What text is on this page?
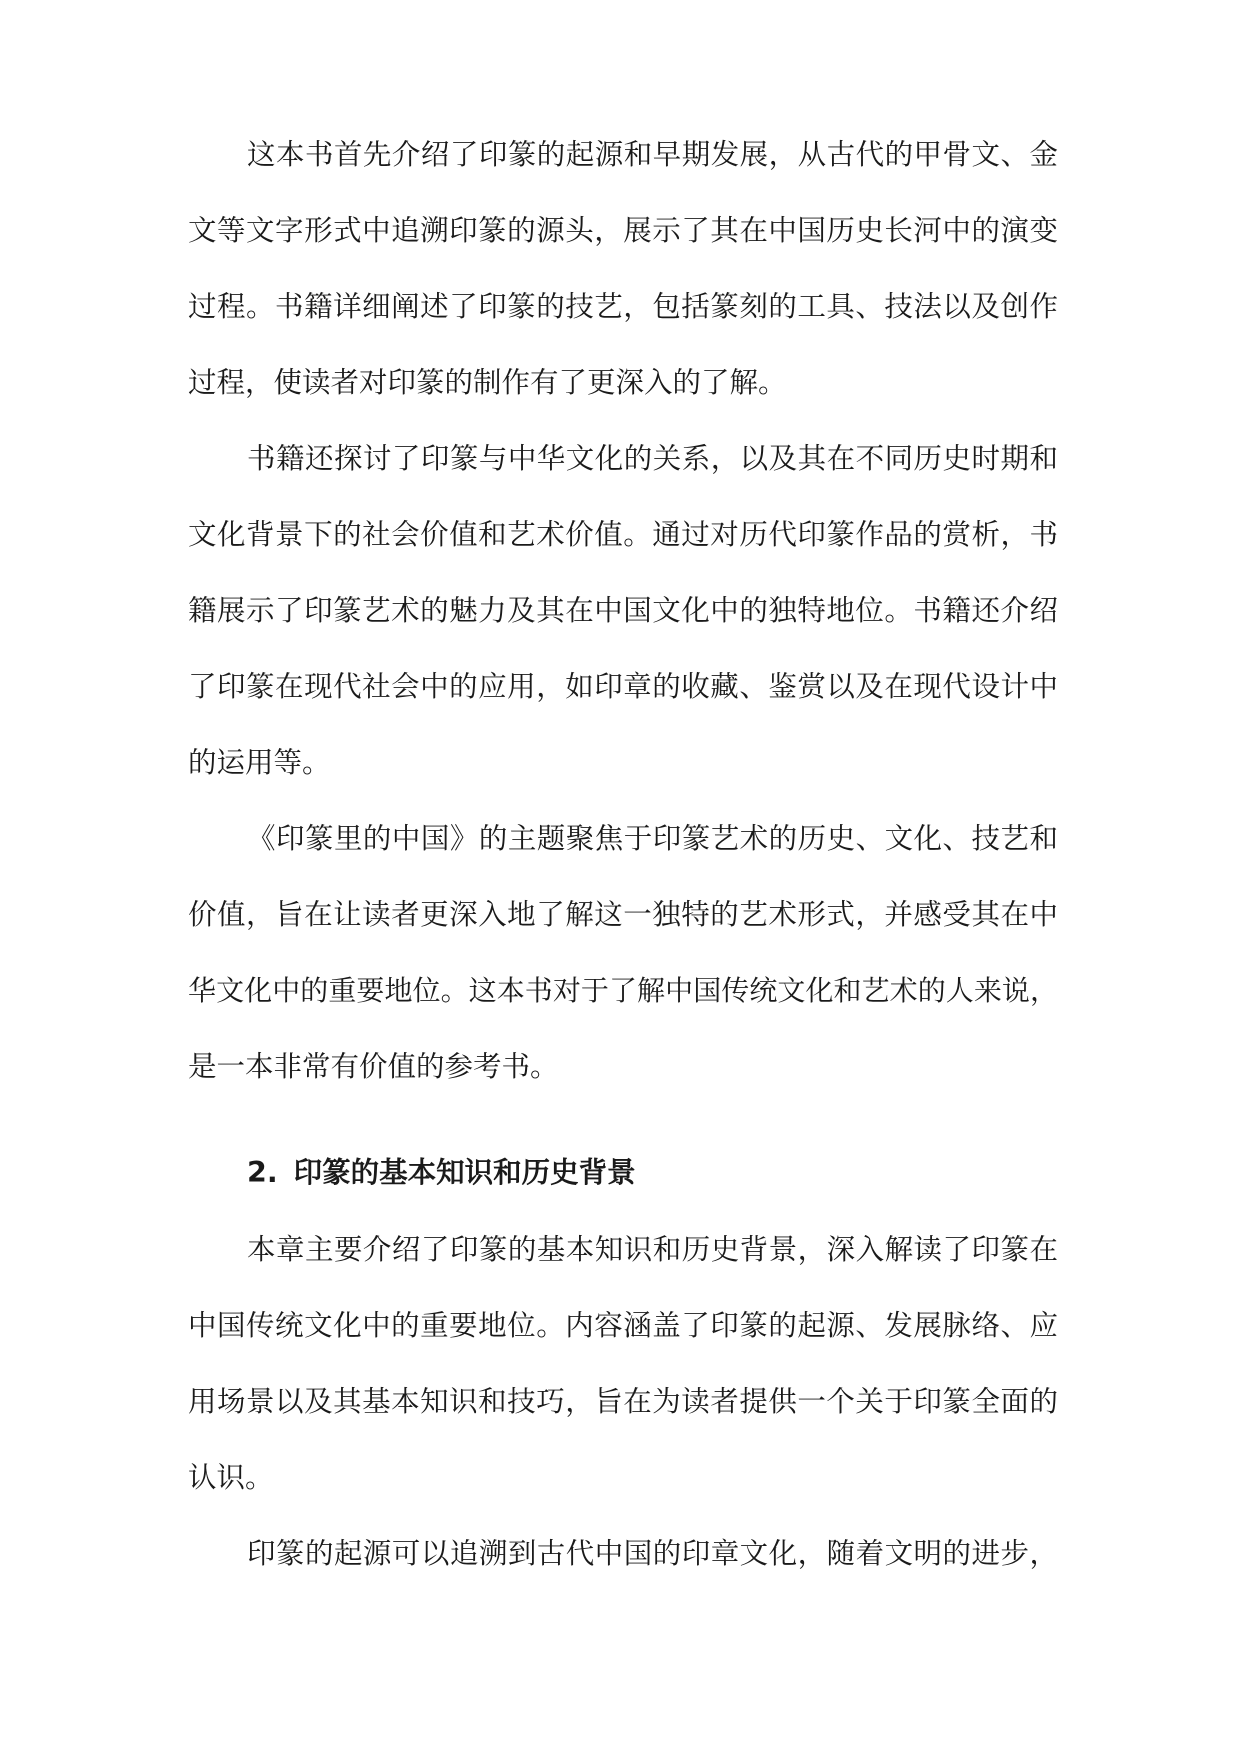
这本书首先介绍了印篆的起源和早期发展，从古代的甲骨文、金
文等文字形式中追溯印篆的源头，展示了其在中国历史长河中的演变
过程。书籍详细阐述了印篆的技艺，包括篆刻的工具、技法以及创作
过程，使读者对印篆的制作有了更深入的了解。
书籍还探讨了印篆与中华文化的关系，以及其在不同历史时期和
文化背景下的社会价值和艺术价值。通过对历代印篆作品的赏析，书
籍展示了印篆艺术的魅力及其在中国文化中的独特地位。书籍还介绍
了印篆在现代社会中的应用，如印章的收藏、鉴赏以及在现代设计中
的运用等。
《印篆里的中国》的主题聚焦于印篆艺术的历史、文化、技艺和
价值，旨在让读者更深入地了解这一独特的艺术形式，并感受其在中
华文化中的重要地位。这本书对于了解中国传统文化和艺术的人来说，
是一本非常有价值的参考书。
2. 印篆的基本知识和历史背景
本章主要介绍了印篆的基本知识和历史背景，深入解读了印篆在
中国传统文化中的重要地位。内容涵盖了印篆的起源、发展脉络、应
用场景以及其基本知识和技巧，旨在为读者提供一个关于印篆全面的
认识。
印篆的起源可以追溯到古代中国的印章文化，随着文明的进步，
